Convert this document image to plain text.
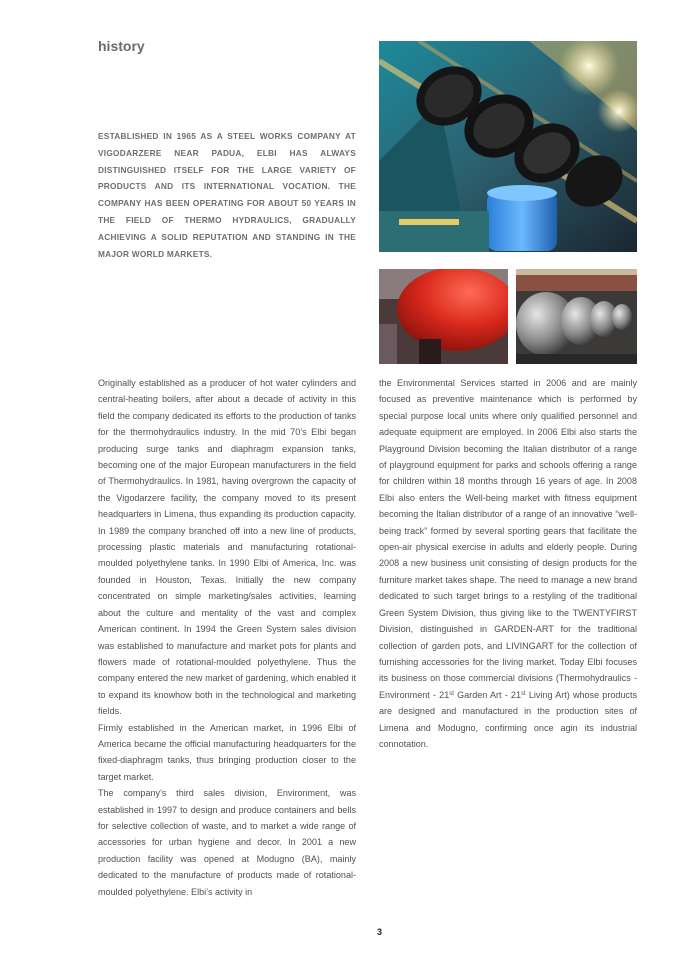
history
ESTABLISHED IN 1965 AS A STEEL WORKS COMPANY AT VIGODARZERE NEAR PADUA, ELBI HAS ALWAYS DISTINGUISHED ITSELF FOR THE LARGE VARIETY OF PRODUCTS AND ITS INTERNATIONAL VOCATION. THE COMPANY HAS BEEN OPERATING FOR ABOUT 50 YEARS IN THE FIELD OF THERMO HYDRAULICS, GRADUALLY ACHIEVING A SOLID REPUTATION AND STANDING IN THE MAJOR WORLD MARKETS.

Originally established as a producer of hot water cylinders and central-heating boilers, after about a decade of activity in this field the company dedicated its efforts to the production of tanks for the thermohydraulics industry. In the mid 70’s Elbi began producing surge tanks and diaphragm expansion tanks, becoming one of the major European manufacturers in the field of Thermohydraulics. In 1981, having overgrown the capacity of the Vigodarzere facility, the company moved to its present headquarters in Limena, thus expanding its production capacity. In 1989 the company branched off into a new line of products, processing plastic materials and manufacturing rotational-moulded polyethylene tanks. In 1990 Elbi of America, Inc. was founded in Houston, Texas. Initially the new company concentrated on simple marketing/sales activities, learning about the culture and mentality of the vast and complex American continent. In 1994 the Green System sales division was established to manufacture and market pots for plants and flowers made of rotational-moulded polyethylene. Thus the company entered the new market of gardening, which enabled it to expand its knowhow both in the technological and marketing fields.

Firmly established in the American market, in 1996 Elbi of America became the official manufacturing headquarters for the fixed-diaphragm tanks, thus bringing production closer to the target market.

The company’s third sales division, Environment, was established in 1997 to design and produce containers and bells for selective collection of waste, and to market a wide range of accessories for urban hygiene and decor. In 2001 a new production facility was opened at Modugno (BA), mainly dedicated to the manufacture of products made of rotational-moulded polyethylene. Elbi’s activity in

the Environmental Services started in 2006 and are mainly focused as preventive maintenance which is performed by special purpose local units where only qualified personnel and adequate equipment are employed. In 2006 Elbi also starts the Playground Division becoming the Italian distributor of a range of playground equipment for parks and schools offering a range for children within 18 months through 16 years of age. In 2008 Elbi also enters the Well-being market with fitness equipment becoming the Italian distributor of a range of an innovative “well-being track” formed by several sporting gears that facilitate the open-air physical exercise in adults and elderly people. During 2008 a new business unit consisting of design products for the furniture market takes shape. The need to manage a new brand dedicated to such target brings to a restyling of the traditional Green System Division, thus giving like to the TWENTYFIRST Division, distinguished in GARDEN-ART for the traditional collection of garden pots, and LIVINGART for the collection of furnishing accessories for the living market. Today Elbi focuses its business on those commercial divisions (Thermohydraulics - Environment - 21st Garden Art - 21st Living Art) whose products are designed and manufactured in the production sites of Limena and Modugno, confirming once agin its industrial connotation.

3
